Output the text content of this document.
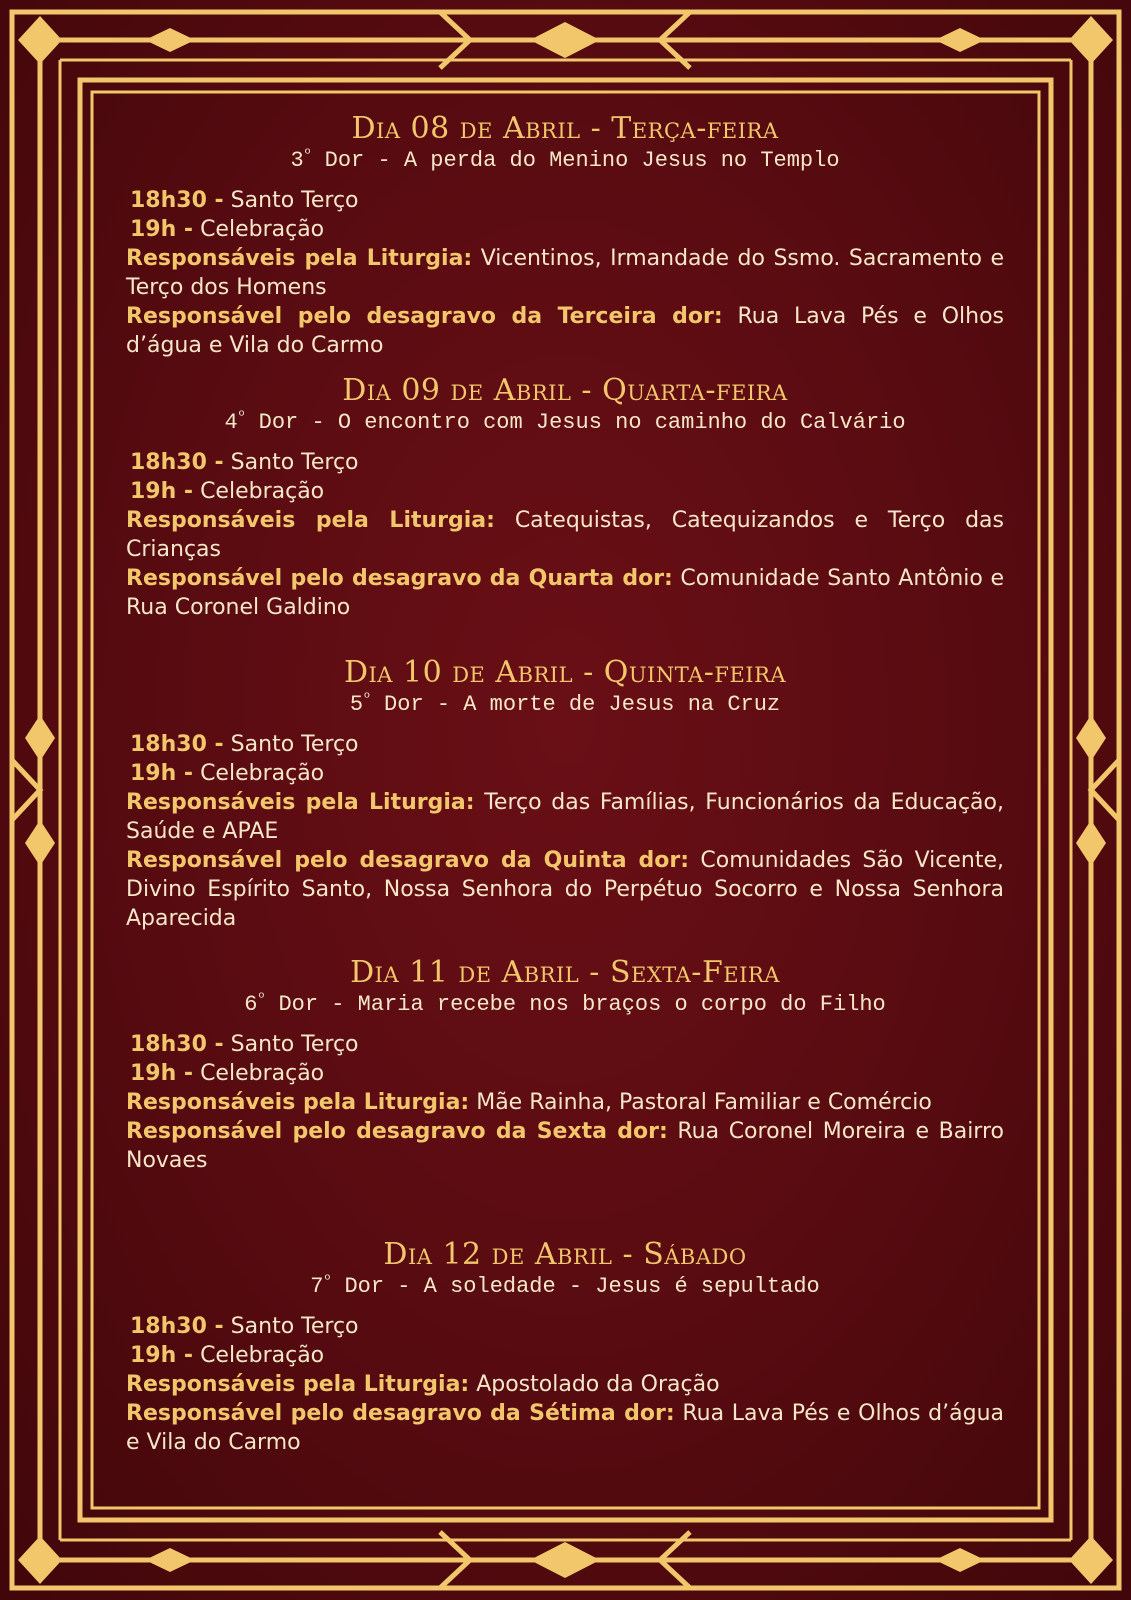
Dia 08 de Abril - Terça-feira
$3^º$ Dor - A perda do Menino Jesus no Templo
18h30 - Santo Terço
19h - Celebração
Responsáveis pela Liturgia: Vicentinos, Irmandade do Ssmo. Sacramento e Terço dos Homens
Responsável pelo desagravo da Terceira dor: Rua Lava Pés e Olhos d’água e Vila do Carmo
Dia 09 de Abril - Quarta-feira
$4^º$ Dor - O encontro com Jesus no caminho do Calvário
18h30 - Santo Terço
19h - Celebração
Responsáveis pela Liturgia: Catequistas, Catequizandos e Terço das Crianças
Responsável pelo desagravo da Quarta dor: Comunidade Santo Antônio e Rua Coronel Galdino
Dia 10 de Abril - Quinta-feira
$5^º$ Dor - A morte de Jesus na Cruz
18h30 - Santo Terço
19h - Celebração
Responsáveis pela Liturgia: Terço das Famílias, Funcionários da Educação, Saúde e APAE
Responsável pelo desagravo da Quinta dor: Comunidades São Vicente, Divino Espírito Santo, Nossa Senhora do Perpétuo Socorro e Nossa Senhora Aparecida
Dia 11 de Abril - Sexta-Feira
$6^º$ Dor - Maria recebe nos braços o corpo do Filho
18h30 - Santo Terço
19h - Celebração
Responsáveis pela Liturgia: Mãe Rainha, Pastoral Familiar e Comércio
Responsável pelo desagravo da Sexta dor: Rua Coronel Moreira e Bairro Novaes
Dia 12 de Abril - Sábado
$7^º$ Dor - A soledade - Jesus é sepultado
18h30 - Santo Terço
19h - Celebração
Responsáveis pela Liturgia: Apostolado da Oração
Responsável pelo desagravo da Sétima dor: Rua Lava Pés e Olhos d’água e Vila do Carmo
